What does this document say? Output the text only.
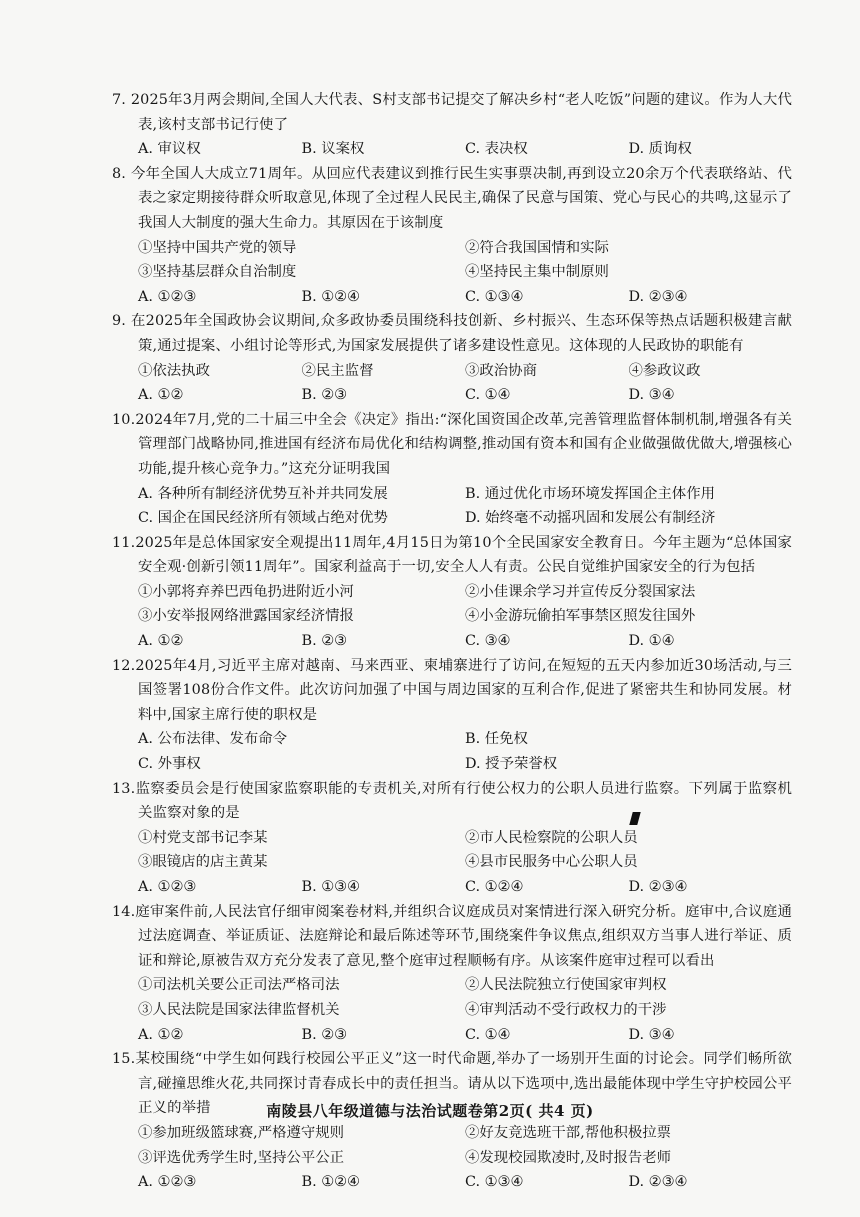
7. 2025年3月两会期间,全国人大代表、S村支部书记提交了解决乡村“老人吃饭”问题的建议。作为人大代表,该村支部书记行使了

A. 审议权	B. 议案权	C. 表决权	D. 质询权

8. 今年全国人大成立71周年。从回应代表建议到推行民生实事票决制,再到设立20余万个代表联络站、代表之家定期接待群众听取意见,体现了全过程人民民主,确保了民意与国策、党心与民心的共鸣,这显示了我国人大制度的强大生命力。其原因在于该制度

①坚持中国共产党的领导	②符合我国国情和实际
③坚持基层群众自治制度	④坚持民主集中制原则
A. ①②③	B. ①②④	C. ①③④	D. ②③④

9. 在2025年全国政协会议期间,众多政协委员围绕科技创新、乡村振兴、生态环保等热点话题积极建言献策,通过提案、小组讨论等形式,为国家发展提供了诸多建设性意见。这体现的人民政协的职能有

①依法执政	②民主监督	③政治协商	④参政议政
A. ①②	B. ②③	C. ①④	D. ③④

10.2024年7月,党的二十届三中全会《决定》指出:“深化国资国企改革,完善管理监督体制机制,增强各有关管理部门战略协同,推进国有经济布局优化和结构调整,推动国有资本和国有企业做强做优做大,增强核心功能,提升核心竞争力。”这充分证明我国

A. 各种所有制经济优势互补并共同发展	B. 通过优化市场环境发挥国企主体作用
C. 国企在国民经济所有领域占绝对优势	D. 始终毫不动摇巩固和发展公有制经济

11.2025年是总体国家安全观提出11周年,4月15日为第10个全民国家安全教育日。今年主题为“总体国家安全观·创新引领11周年”。国家利益高于一切,安全人人有责。公民自觉维护国家安全的行为包括

①小郭将弃养巴西龟扔进附近小河	②小佳课余学习并宣传反分裂国家法
③小安举报网络泄露国家经济情报	④小金游玩偷拍军事禁区照发往国外
A. ①②	B. ②③	C. ③④	D. ①④

12.2025年4月,习近平主席对越南、马来西亚、柬埔寨进行了访问,在短短的五天内参加近30场活动,与三国签署108份合作文件。此次访问加强了中国与周边国家的互利合作,促进了紧密共生和协同发展。材料中,国家主席行使的职权是

A. 公布法律、发布命令	B. 任免权
C. 外事权	D. 授予荣誉权

13.监察委员会是行使国家监察职能的专责机关,对所有行使公权力的公职人员进行监察。下列属于监察机关监察对象的是

①村党支部书记李某	②市人民检察院的公职人员
③眼镜店的店主黄某	④县市民服务中心公职人员
A. ①②③	B. ①③④	C. ①②④	D. ②③④

14.庭审案件前,人民法官仔细审阅案卷材料,并组织合议庭成员对案情进行深入研究分析。庭审中,合议庭通过法庭调查、举证质证、法庭辩论和最后陈述等环节,围绕案件争议焦点,组织双方当事人进行举证、质证和辩论,原被告双方充分发表了意见,整个庭审过程顺畅有序。从该案件庭审过程可以看出

①司法机关要公正司法严格司法	②人民法院独立行使国家审判权
③人民法院是国家法律监督机关	④审判活动不受行政权力的干涉
A. ①②	B. ②③	C. ①④	D. ③④

15.某校围绕“中学生如何践行校园公平正义”这一时代命题,举办了一场别开生面的讨论会。同学们畅所欲言,碰撞思维火花,共同探讨青春成长中的责任担当。请从以下选项中,选出最能体现中学生守护校园公平正义的举措

①参加班级篮球赛,严格遵守规则	②好友竞选班干部,帮他积极拉票
③评选优秀学生时,坚持公平公正	④发现校园欺凌时,及时报告老师
A. ①②③	B. ①②④	C. ①③④	D. ②③④
南陵县八年级道德与法治试题卷第2页( 共4 页)
